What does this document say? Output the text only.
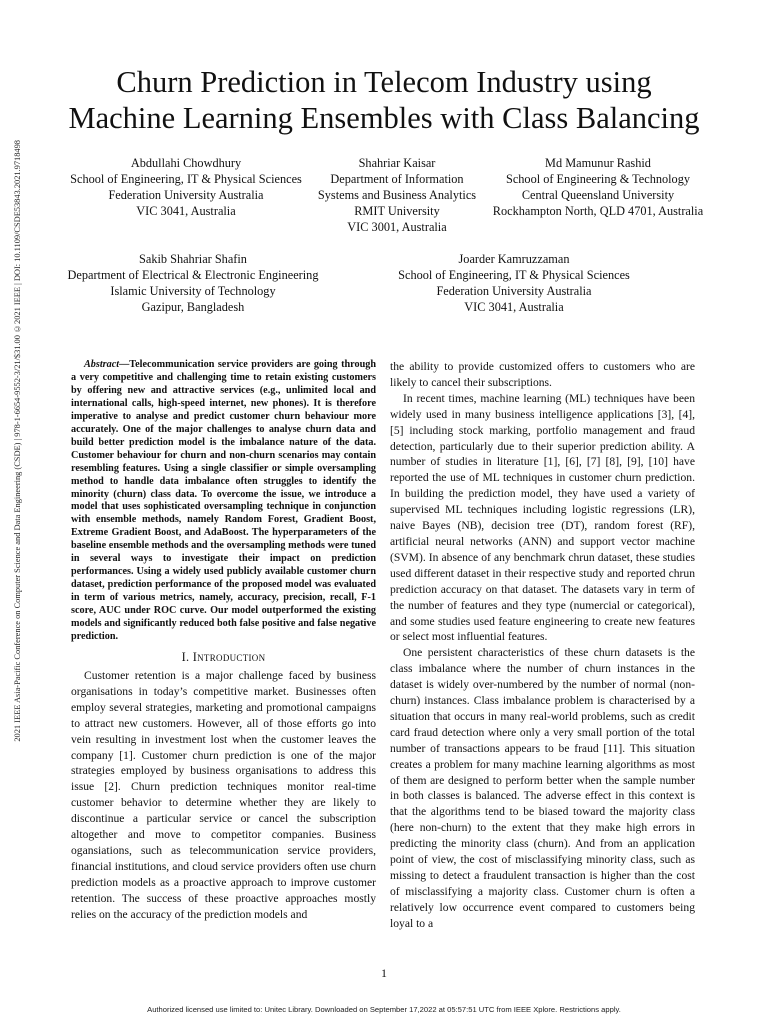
2021 IEEE Asia-Pacific Conference on Computer Science and Data Engineering (CSDE) | 978-1-6654-9552-3/21/$31.00 ©2021 IEEE | DOI: 10.1109/CSDE53843.2021.9718498
Churn Prediction in Telecom Industry using
Machine Learning Ensembles with Class Balancing
Abdullahi Chowdhury
School of Engineering, IT & Physical Sciences
Federation University Australia
VIC 3041, Australia
Shahriar Kaisar
Department of Information
Systems and Business Analytics
RMIT University
VIC 3001, Australia
Md Mamunur Rashid
School of Engineering & Technology
Central Queensland University
Rockhampton North, QLD 4701, Australia
Sakib Shahriar Shafin
Department of Electrical & Electronic Engineering
Islamic University of Technology
Gazipur, Bangladesh
Joarder Kamruzzaman
School of Engineering, IT & Physical Sciences
Federation University Australia
VIC 3041, Australia
Abstract—Telecommunication service providers are going through a very competitive and challenging time to retain existing customers by offering new and attractive services (e.g., unlimited local and international calls, high-speed internet, new phones). It is therefore imperative to analyse and predict customer churn behaviour more accurately. One of the major challenges to analyse churn data and build better prediction model is the imbalance nature of the data. Customer behaviour for churn and non-churn scenarios may contain resembling features. Using a single classifier or simple oversampling method to handle data imbalance often struggles to identify the minority (churn) class data. To overcome the issue, we introduce a model that uses sophisticated oversampling technique in conjunction with ensemble methods, namely Random Forest, Gradient Boost, Extreme Gradient Boost, and AdaBoost. The hyperparameters of the baseline ensemble methods and the oversampling methods were tuned in several ways to investigate their impact on prediction performances. Using a widely used publicly available customer churn dataset, prediction performance of the proposed model was evaluated in term of various metrics, namely, accuracy, precision, recall, F-1 score, AUC under ROC curve. Our model outperformed the existing models and significantly reduced both false positive and false negative prediction.
I. Introduction

Customer retention is a major challenge faced by business organisations in today’s competitive market. Businesses often employ several strategies, marketing and promotional campaigns to attract new customers. However, all of those efforts go into vein resulting in investment lost when the customer leaves the company [1]. Customer churn prediction is one of the major strategies employed by business organisations to address this issue [2]. Churn prediction techniques monitor real-time customer behavior to determine whether they are likely to discontinue a particular service or cancel the subscription altogether and move to competitor companies. Business ogansiations, such as telecommunication service providers, financial institutions, and cloud service providers often use churn prediction models as a proactive approach to improve customer retention. The success of these proactive approaches mostly relies on the accuracy of the prediction models and

the ability to provide customized offers to customers who are likely to cancel their subscriptions.

In recent times, machine learning (ML) techniques have been widely used in many business intelligence applications [3], [4], [5] including stock marking, portfolio management and fraud detection, particularly due to their superior prediction ability. A number of studies in literature [1], [6], [7] [8], [9], [10] have reported the use of ML techniques in customer churn prediction. In building the prediction model, they have used a variety of supervised ML techniques including logistic regressions (LR), naive Bayes (NB), decision tree (DT), random forest (RF), artificial neural networks (ANN) and support vector machine (SVM). In absence of any benchmark chrun dataset, these studies used different dataset in their respective study and reported chrun prediction accuracy on that dataset. The datasets vary in term of the number of features and they type (numercial or categorical), and some studies used feature engineering to create new features or select most influential features.

One persistent characteristics of these churn datasets is the class imbalance where the number of churn instances in the dataset is widely over-numbered by the number of normal (non-churn) instances. Class imbalance problem is characterised by a situation that occurs in many real-world problems, such as credit card fraud detection where only a very small portion of the total number of transactions appears to be fraud [11]. This situation creates a problem for many machine learning algorithms as most of them are designed to perform better when the sample number in both classes is balanced. The adverse effect in this context is that the algorithms tend to be biased toward the majority class (here non-churn) to the extent that they make high errors in predicting the minority class (churn). And from an application point of view, the cost of misclassifying minority class, such as missing to detect a fraudulent transaction is higher than the cost of misclassifying a majority class. Customer churn is often a relatively low occurrence event compared to customers being loyal to a

1
Authorized licensed use limited to: Unitec Library. Downloaded on September 17,2022 at 05:57:51 UTC from IEEE Xplore. Restrictions apply.
